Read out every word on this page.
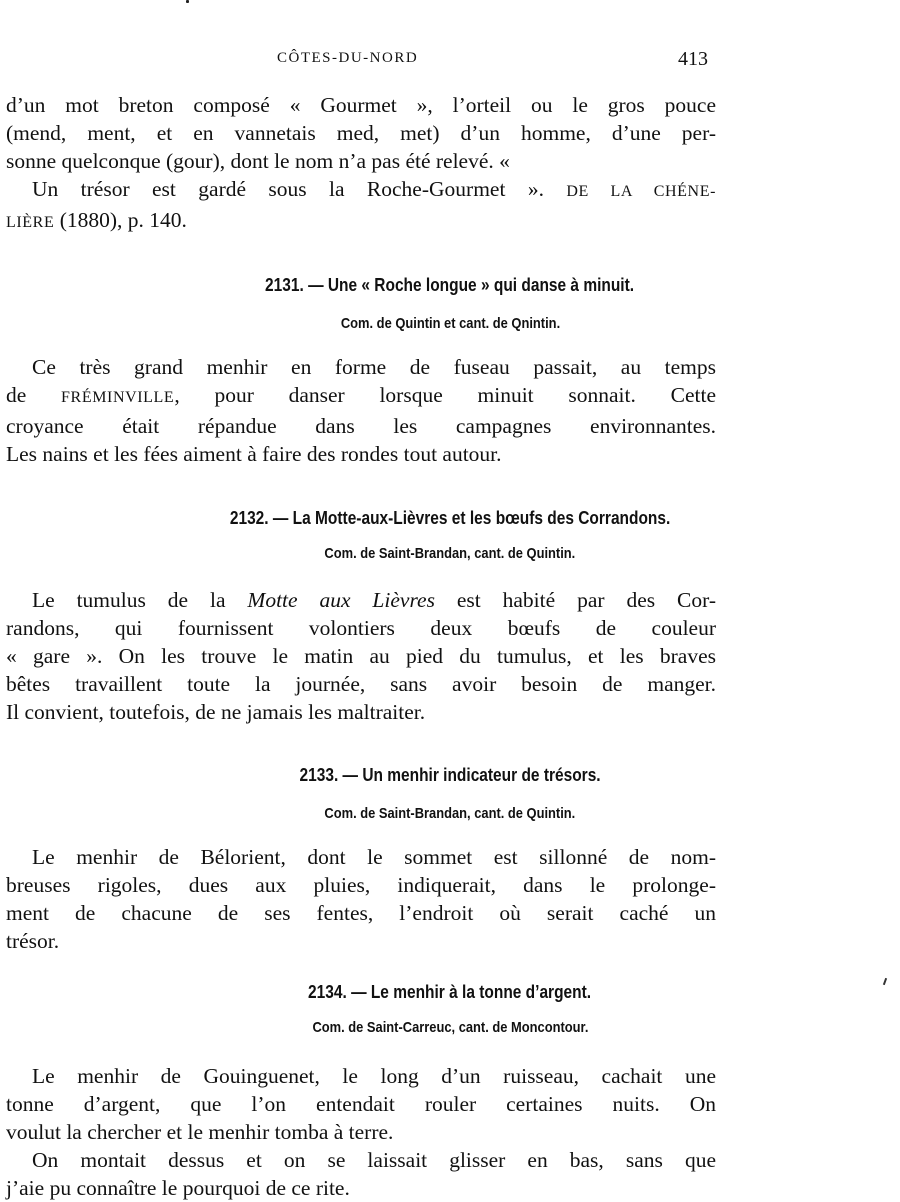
CÔTES-DU-NORD	413

d’un mot breton composé « Gourmet », l’orteil ou le gros pouce

(mend, ment, et en vannetais med, met) d’un homme, d’une per-

sonne quelconque (gour), dont le nom n’a pas été relevé. «

Un trésor est gardé sous la Roche-Gourmet ». DE LA CHÉNE-

LIÈRE (1880), p. 140.

2131. — Une « Roche longue » qui danse à minuit.
Com. de Quintin et cant. de Qnintin.

Ce très grand menhir en forme de fuseau passait, au temps

de FRÉMINVILLE, pour danser lorsque minuit sonnait. Cette

croyance était répandue dans les campagnes environnantes.

Les nains et les fées aiment à faire des rondes tout autour.

2132. — La Motte-aux-Lièvres et les bœufs des Corrandons.
Com. de Saint-Brandan, cant. de Quintin.

Le tumulus de la Motte aux Lièvres est habité par des Cor-

randons, qui fournissent volontiers deux bœufs de couleur

« gare ». On les trouve le matin au pied du tumulus, et les braves

bêtes travaillent toute la journée, sans avoir besoin de manger.

Il convient, toutefois, de ne jamais les maltraiter.

2133. — Un menhir indicateur de trésors.
Com. de Saint-Brandan, cant. de Quintin.

Le menhir de Bélorient, dont le sommet est sillonné de nom-

breuses rigoles, dues aux pluies, indiquerait, dans le prolonge-

ment de chacune de ses fentes, l’endroit où serait caché un

trésor.

2134. — Le menhir à la tonne d’argent.
Com. de Saint-Carreuc, cant. de Moncontour.

Le menhir de Gouinguenet, le long d’un ruisseau, cachait une

tonne d’argent, que l’on entendait rouler certaines nuits. On

voulut la chercher et le menhir tomba à terre.

On montait dessus et on se laissait glisser en bas, sans que

j’aie pu connaître le pourquoi de ce rite.
